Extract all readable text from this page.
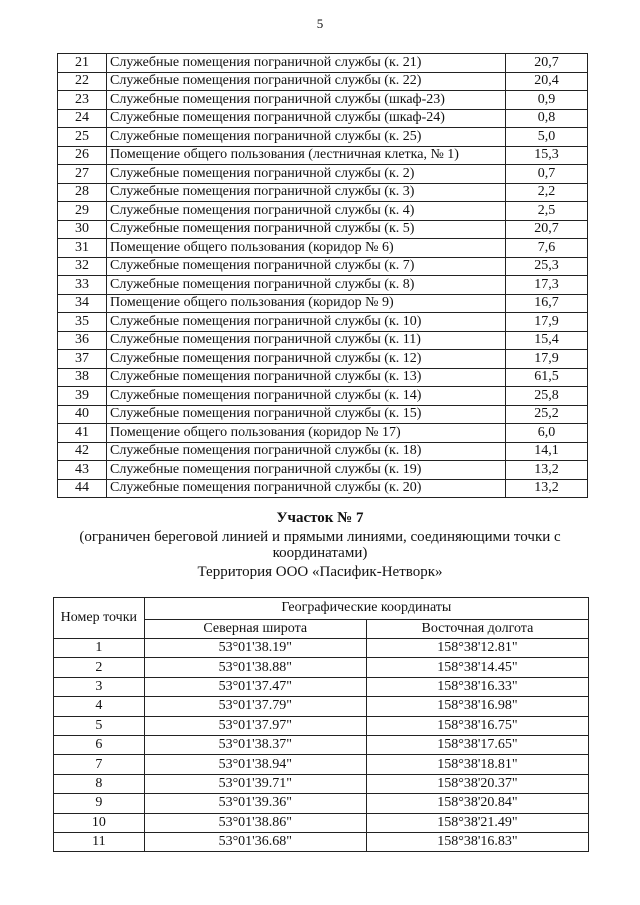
5
21	Служебные помещения пограничной службы (к. 21)	20,7
22	Служебные помещения пограничной службы (к. 22)	20,4
23	Служебные помещения пограничной службы (шкаф-23)	0,9
24	Служебные помещения пограничной службы (шкаф-24)	0,8
25	Служебные помещения пограничной службы (к. 25)	5,0
26	Помещение общего пользования (лестничная клетка, № 1)	15,3
27	Служебные помещения пограничной службы (к. 2)	0,7
28	Служебные помещения пограничной службы (к. 3)	2,2
29	Служебные помещения пограничной службы (к. 4)	2,5
30	Служебные помещения пограничной службы (к. 5)	20,7
31	Помещение общего пользования (коридор № 6)	7,6
32	Служебные помещения пограничной службы (к. 7)	25,3
33	Служебные помещения пограничной службы (к. 8)	17,3
34	Помещение общего пользования (коридор № 9)	16,7
35	Служебные помещения пограничной службы (к. 10)	17,9
36	Служебные помещения пограничной службы (к. 11)	15,4
37	Служебные помещения пограничной службы (к. 12)	17,9
38	Служебные помещения пограничной службы (к. 13)	61,5
39	Служебные помещения пограничной службы (к. 14)	25,8
40	Служебные помещения пограничной службы (к. 15)	25,2
41	Помещение общего пользования (коридор № 17)	6,0
42	Служебные помещения пограничной службы (к. 18)	14,1
43	Служебные помещения пограничной службы (к. 19)	13,2
44	Служебные помещения пограничной службы (к. 20)	13,2
Участок № 7
(ограничен береговой линией и прямыми линиями, соединяющими точки с координатами)
Территория ООО «Пасифик-Нетворк»
Номер точки	Географические координаты	
	Северная широта	Восточная долгота
1	53°01'38.19"	158°38'12.81"
2	53°01'38.88"	158°38'14.45"
3	53°01'37.47"	158°38'16.33"
4	53°01'37.79"	158°38'16.98"
5	53°01'37.97"	158°38'16.75"
6	53°01'38.37"	158°38'17.65"
7	53°01'38.94"	158°38'18.81"
8	53°01'39.71"	158°38'20.37"
9	53°01'39.36"	158°38'20.84"
10	53°01'38.86"	158°38'21.49"
11	53°01'36.68"	158°38'16.83"
